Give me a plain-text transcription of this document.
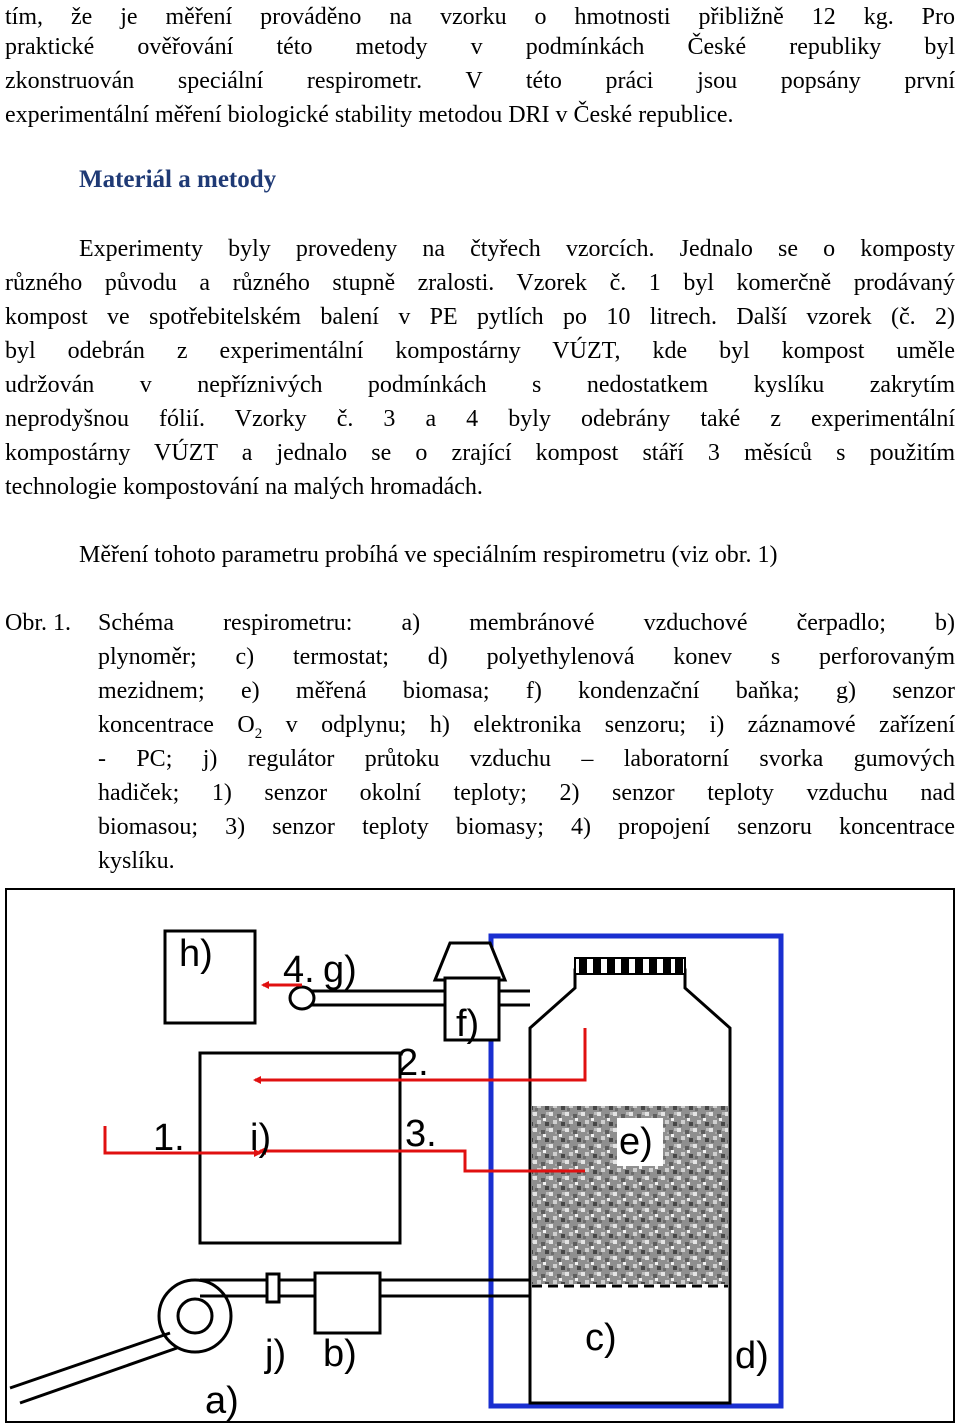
tím, že je měření prováděno na vzorku o hmotnosti přibližně 12 kg. Pro
praktické ověřování této metody v podmínkách České republiky byl
zkonstruován speciální respirometr. V této práci jsou popsány první
experimentální měření biologické stability metodou DRI v České republice.
Materiál a metody
Experimenty byly provedeny na čtyřech vzorcích. Jednalo se o komposty
různého původu a různého stupně zralosti. Vzorek č. 1 byl komerčně prodávaný
kompost ve spotřebitelském balení v PE pytlích po 10 litrech. Další vzorek (č. 2)
byl odebrán z experimentální kompostárny VÚZT, kde byl kompost uměle
udržován v nepříznivých podmínkách s nedostatkem kyslíku zakrytím
neprodyšnou fólií. Vzorky č. 3 a 4 byly odebrány také z experimentální
kompostárny VÚZT a jednalo se o zrající kompost stáří 3 měsíců s použitím
technologie kompostování na malých hromadách.
Měření tohoto parametru probíhá ve speciálním respirometru (viz obr. 1)
Obr. 1. Schéma respirometru: a) membránové vzduchové čerpadlo; b)
plynoměr; c) termostat; d) polyethylenová konev s perforovaným
mezidnem; e) měřená biomasa; f) kondenzační baňka; g) senzor
koncentrace $O_2$ v odplynu; h) elektronika senzoru; i) záznamové zařízení
- PC; j) regulátor průtoku vzduchu – laboratorní svorka gumových
hadiček; 1) senzor okolní teploty; 2) senzor teploty vzduchu nad
biomasou; 3) senzor teploty biomasy; 4) propojení senzoru koncentrace
kyslíku.
h) 4. g)
f)
2.
1. i)	3.
j) b)	c)	d)
a)
e)
